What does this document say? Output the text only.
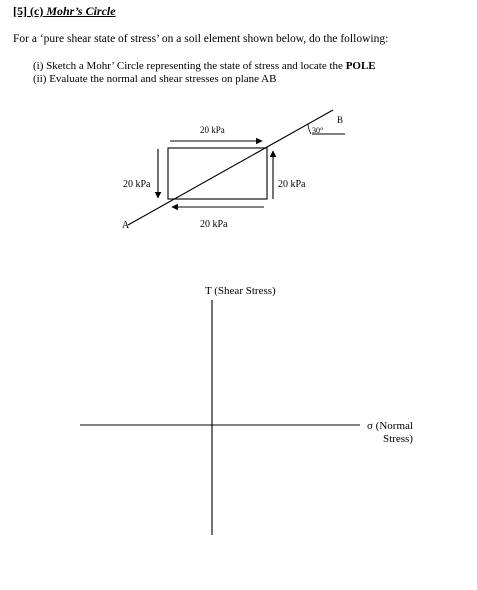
[5] (c) Mohr’s Circle
For a ‘pure shear state of stress’ on a soil element shown below, do the following:
(i) Sketch a Mohr’ Circle representing the state of stress and locate the POLE
(ii) Evaluate the normal and shear stresses on plane AB
20 kPa
20 kPa
20 kPa	20 kPa
A
B
30°
T (Shear Stress)
σ (Normal
Stress)
